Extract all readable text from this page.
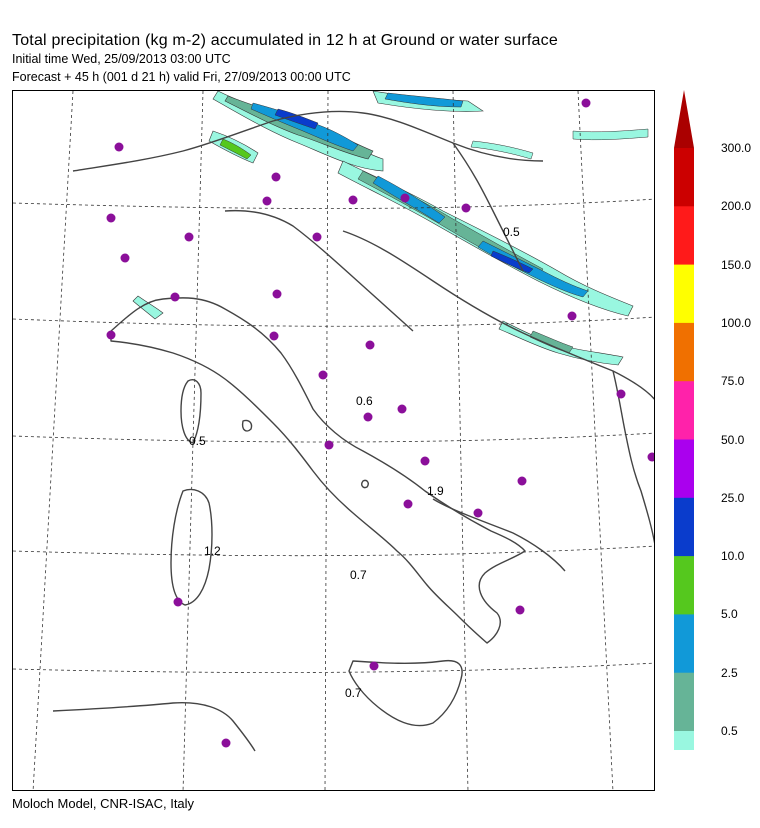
Total precipitation (kg m-2) accumulated in 12 h at Ground or water surface
Initial time Wed, 25/09/2013 03:00 UTC
Forecast + 45 h (001 d 21 h) valid Fri, 27/09/2013 00:00 UTC
0.6
0.5
1.9
1.2
0.7
0.7
0.5
300.0
200.0
150.0
100.0
75.0
50.0
25.0
10.0
5.0
2.5
0.5
Moloch Model, CNR-ISAC, Italy
